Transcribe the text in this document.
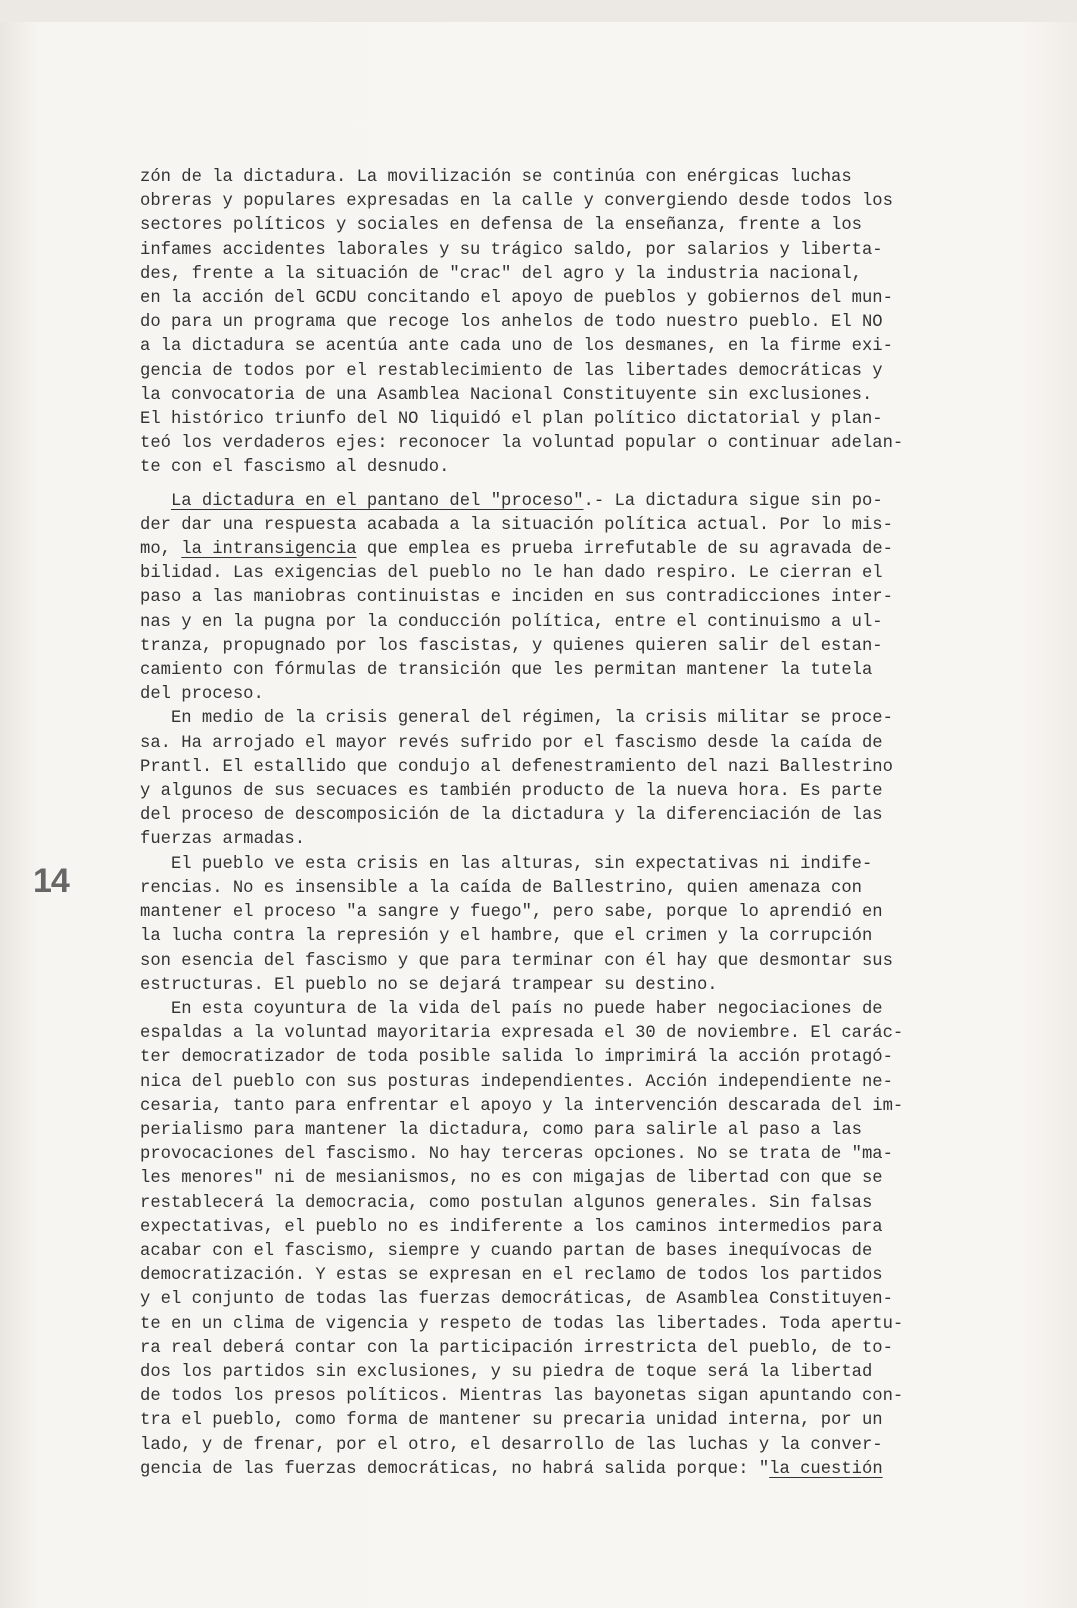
14
zón de la dictadura. La movilización se continúa con enérgicas luchas
obreras y populares expresadas en la calle y convergiendo desde todos los
sectores políticos y sociales en defensa de la enseñanza, frente a los
infames accidentes laborales y su trágico saldo, por salarios y liberta-
des, frente a la situación de "crac" del agro y la industria nacional,
en la acción del GCDU concitando el apoyo de pueblos y gobiernos del mun-
do para un programa que recoge los anhelos de todo nuestro pueblo. El NO
a la dictadura se acentúa ante cada uno de los desmanes, en la firme exi-
gencia de todos por el restablecimiento de las libertades democráticas y
la convocatoria de una Asamblea Nacional Constituyente sin exclusiones.
El histórico triunfo del NO liquidó el plan político dictatorial y plan-
teó los verdaderos ejes: reconocer la voluntad popular o continuar adelan-
te con el fascismo al desnudo.
La dictadura en el pantano del "proceso".- La dictadura sigue sin po-
der dar una respuesta acabada a la situación política actual. Por lo mis-
mo, la intransigencia que emplea es prueba irrefutable de su agravada de-
bilidad. Las exigencias del pueblo no le han dado respiro. Le cierran el
paso a las maniobras continuistas e inciden en sus contradicciones inter-
nas y en la pugna por la conducción política, entre el continuismo a ul-
tranza, propugnado por los fascistas, y quienes quieren salir del estan-
camiento con fórmulas de transición que les permitan mantener la tutela
del proceso.
En medio de la crisis general del régimen, la crisis militar se proce-
sa. Ha arrojado el mayor revés sufrido por el fascismo desde la caída de
Prantl. El estallido que condujo al defenestramiento del nazi Ballestrino
y algunos de sus secuaces es también producto de la nueva hora. Es parte
del proceso de descomposición de la dictadura y la diferenciación de las
fuerzas armadas.
El pueblo ve esta crisis en las alturas, sin expectativas ni indife-
rencias. No es insensible a la caída de Ballestrino, quien amenaza con
mantener el proceso "a sangre y fuego", pero sabe, porque lo aprendió en
la lucha contra la represión y el hambre, que el crimen y la corrupción
son esencia del fascismo y que para terminar con él hay que desmontar sus
estructuras. El pueblo no se dejará trampear su destino.
En esta coyuntura de la vida del país no puede haber negociaciones de
espaldas a la voluntad mayoritaria expresada el 30 de noviembre. El carác-
ter democratizador de toda posible salida lo imprimirá la acción protagó-
nica del pueblo con sus posturas independientes. Acción independiente ne-
cesaria, tanto para enfrentar el apoyo y la intervención descarada del im-
perialismo para mantener la dictadura, como para salirle al paso a las
provocaciones del fascismo. No hay terceras opciones. No se trata de "ma-
les menores" ni de mesianismos, no es con migajas de libertad con que se
restablecerá la democracia, como postulan algunos generales. Sin falsas
expectativas, el pueblo no es indiferente a los caminos intermedios para
acabar con el fascismo, siempre y cuando partan de bases inequívocas de
democratización. Y estas se expresan en el reclamo de todos los partidos
y el conjunto de todas las fuerzas democráticas, de Asamblea Constituyen-
te en un clima de vigencia y respeto de todas las libertades. Toda apertu-
ra real deberá contar con la participación irrestricta del pueblo, de to-
dos los partidos sin exclusiones, y su piedra de toque será la libertad
de todos los presos políticos. Mientras las bayonetas sigan apuntando con-
tra el pueblo, como forma de mantener su precaria unidad interna, por un
lado, y de frenar, por el otro, el desarrollo de las luchas y la conver-
gencia de las fuerzas democráticas, no habrá salida porque: "la cuestión
